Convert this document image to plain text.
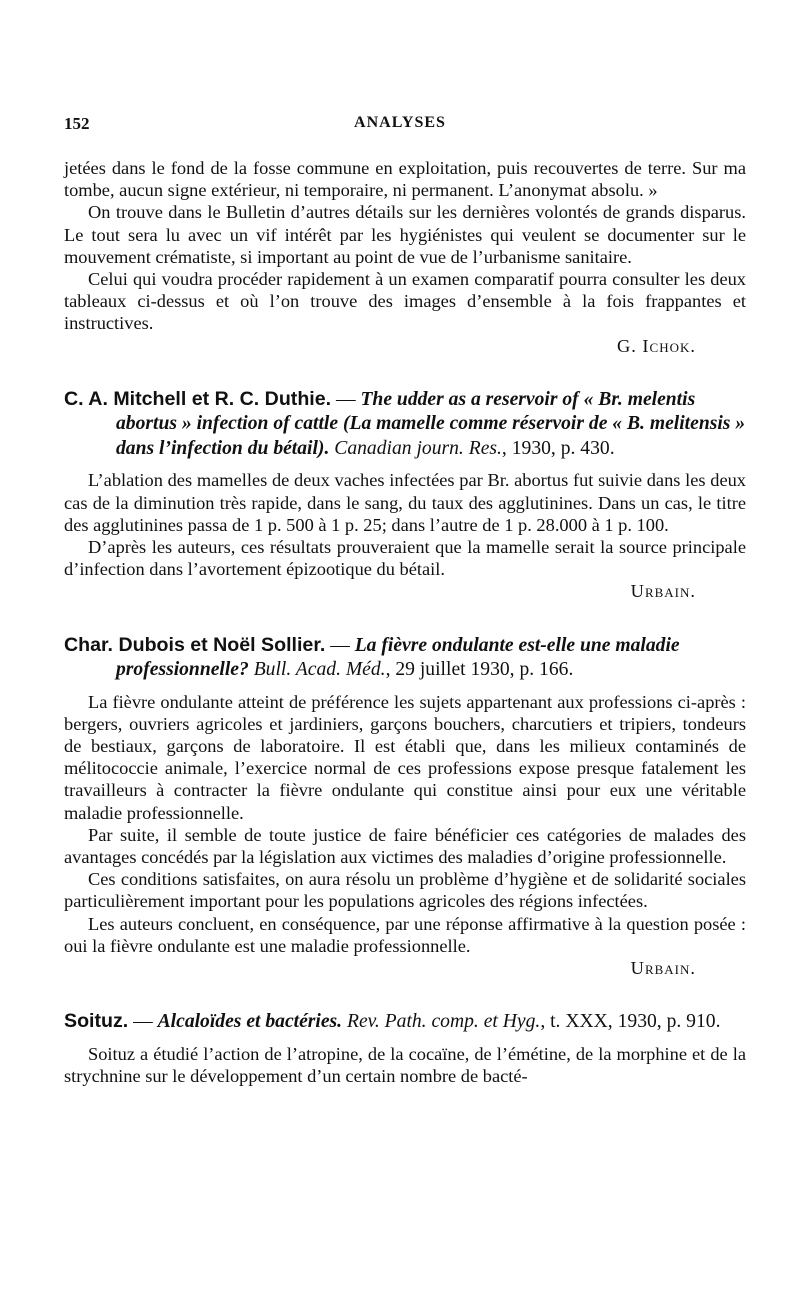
152	ANALYSES

jetées dans le fond de la fosse commune en exploitation, puis recouvertes de terre. Sur ma tombe, aucun signe extérieur, ni temporaire, ni permanent. L’anonymat absolu. »

On trouve dans le Bulletin d’autres détails sur les dernières volontés de grands disparus. Le tout sera lu avec un vif intérêt par les hygiénistes qui veulent se documenter sur le mouvement crématiste, si important au point de vue de l’urbanisme sanitaire.

Celui qui voudra procéder rapidement à un examen comparatif pourra consulter les deux tableaux ci-dessus et où l’on trouve des images d’ensemble à la fois frappantes et instructives.

G. Ichok.
C. A. Mitchell et R. C. Duthie. — The udder as a reservoir of « Br. melentis abortus » infection of cattle (La mamelle comme réservoir de « B. melitensis » dans l’infection du bétail). Canadian journ. Res., 1930, p. 430.

L’ablation des mamelles de deux vaches infectées par Br. abortus fut suivie dans les deux cas de la diminution très rapide, dans le sang, du taux des agglutinines. Dans un cas, le titre des agglutinines passa de 1 p. 500 à 1 p. 25; dans l’autre de 1 p. 28.000 à 1 p. 100.

D’après les auteurs, ces résultats prouveraient que la mamelle serait la source principale d’infection dans l’avortement épizootique du bétail.

Urbain.
Char. Dubois et Noël Sollier. — La fièvre ondulante est-elle une maladie professionnelle? Bull. Acad. Méd., 29 juillet 1930, p. 166.

La fièvre ondulante atteint de préférence les sujets appartenant aux professions ci-après : bergers, ouvriers agricoles et jardiniers, garçons bouchers, charcutiers et tripiers, tondeurs de bestiaux, garçons de laboratoire. Il est établi que, dans les milieux contaminés de mélitococcie animale, l’exercice normal de ces professions expose presque fatalement les travailleurs à contracter la fièvre ondulante qui constitue ainsi pour eux une véritable maladie professionnelle.

Par suite, il semble de toute justice de faire bénéficier ces catégories de malades des avantages concédés par la législation aux victimes des maladies d’origine professionnelle.

Ces conditions satisfaites, on aura résolu un problème d’hygiène et de solidarité sociales particulièrement important pour les populations agricoles des régions infectées.

Les auteurs concluent, en conséquence, par une réponse affirmative à la question posée : oui la fièvre ondulante est une maladie professionnelle.

Urbain.
Soituz. — Alcaloïdes et bactéries. Rev. Path. comp. et Hyg., t. XXX, 1930, p. 910.

Soituz a étudié l’action de l’atropine, de la cocaïne, de l’émétine, de la morphine et de la strychnine sur le développement d’un certain nombre de bacté-
